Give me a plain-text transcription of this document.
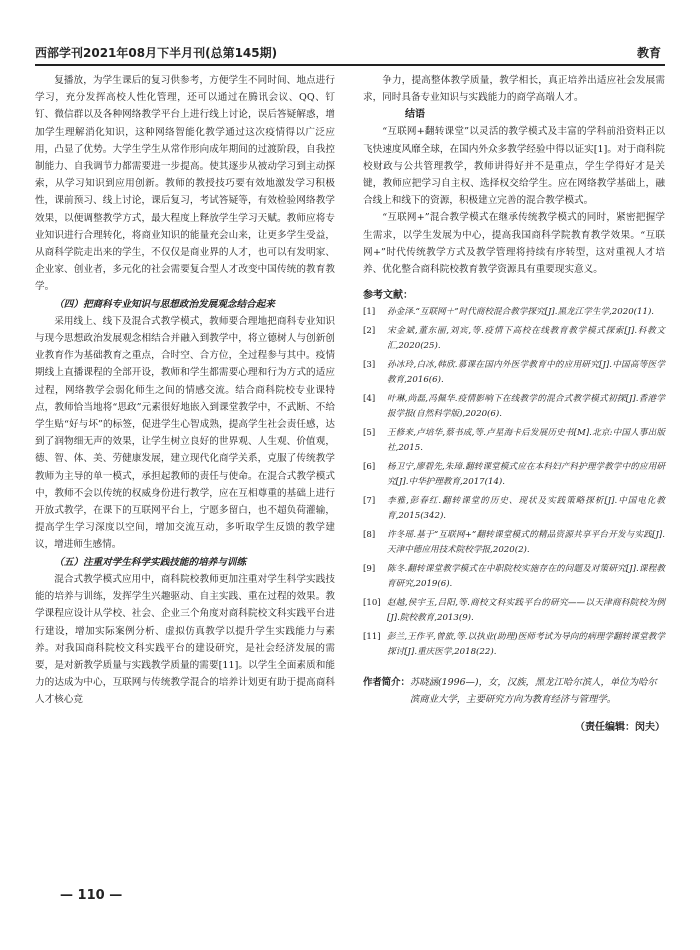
西部学刊2021年08月下半月刊(总第145期)	教育

复播放，为学生课后的复习供参考，方便学生不同时间、地点进行学习，充分发挥高校人性化管理，还可以通过在腾讯会议、QQ、钉钉、微信群以及各种网络教学平台上进行线上讨论，误后答疑解惑，增加学生理解消化知识，这种网络智能化教学通过这次疫情得以广泛应用，凸显了优势。大学生学生从常作形向成年期间的过渡阶段，自我控制能力、自我调节力都需要进一步提高。使其逐步从被动学习到主动探索，从学习知识到应用创新。教师的教授技巧要有效地激发学习积极性，课前预习、线上讨论，课后复习，考试答疑等，有效检验网络教学效果，以便调整教学方式，最大程度上释放学生学习天赋。教师应将专业知识进行合理转化，将商业知识的能量充会山来，让更多学生受益，从商科学院走出来的学生，不仅仅是商业界的人才，也可以有发明家、企业家、创业者，多元化的社会需要复合型人才改变中国传统的教育教学。

（四）把商科专业知识与思想政治发展观念结合起来

采用线上、线下及混合式教学模式，教师要合理地把商科专业知识与现今思想政治发展观念相结合并融入到教学中，将立德树人与创新创业教育作为基础教育之重点，合时空、合方位，全过程参与其中。疫情期线上直播课程的全部开设，教师和学生都需要心理和行为方式的适应过程，网络教学会弱化师生之间的情感交流。结合商科院校专业课特点，教师恰当地将“思政”元素很好地嵌入到课堂教学中，不武断、不给学生贴“好与坏”的标签，促进学生心智成熟，提高学生社会责任感，达到了润物细无声的效果，让学生树立良好的世界观、人生观、价值观，德、智、体、美、劳健康发展，建立现代化商学关系，克服了传统教学教师为主导的单一模式，承担起教师的责任与使命。在混合式教学模式中，教师不会以传统的权威身份进行教学，应在互相尊重的基础上进行开放式教学，在课下的互联网平台上，宁愿多留白，也不超负荷灌输，提高学生学习深度以空间，增加交流互动，多听取学生反馈的教学建议，增进师生感情。

（五）注重对学生科学实践技能的培养与训练

混合式教学模式应用中，商科院校教师更加注重对学生科学实践技能的培养与训练，发挥学生兴趣驱动、自主实践、重在过程的效果。教学课程应设计从学校、社会、企业三个角度对商科院校文科实践平台进行建设，增加实际案例分析、虚拟仿真教学以提升学生实践能力与素养。对我国商科院校文科实践平台的建设研究，是社会经济发展的需要，是对新教学质量与实践教学质量的需要[11]。以学生全面素质和能力的达成为中心，互联网与传统教学混合的培养计划更有助于提高商科人才核心竞

争力，提高整体教学质量，教学相长，真正培养出适应社会发展需求，同时具备专业知识与实践能力的商学高端人才。

结语

“互联网+翻转课堂”以灵活的教学模式及丰富的学科前沿资料正以飞快速度风靡全球，在国内外众多教学经验中得以证实[1]。对于商科院校财政与公共管理教学，教师讲得好并不是重点，学生学得好才是关键，教师应把学习自主权、选择权交给学生。应在网络教学基础上，融合线上和线下的资源，积极建立完善的混合教学模式。

“互联网+”混合教学模式在继承传统教学模式的同时，紧密把握学生需求，以学生发展为中心，提高我国商科学院教育教学效果。“互联网+”时代传统教学方式及教学管理将持续有序转型，这对重视人才培养、优化整合商科院校教育教学资源具有重要现实意义。

参考文献：
[1]	孙金泽.“互联网＋”时代商校混合教学探究[J].黑龙江学生学,2020(11).
[2]	宋金斌,董东丽,刘宾,等.疫情下高校在线教育教学模式探索[J].科教文汇,2020(25).
[3]	孙冰玲,白冰,韩欣.慕课在国内外医学教育中的应用研究[J].中国高等医学教育,2016(6).
[4]	叶琳,尚磊,冯佩华.疫情影响下在线教学的混合式教学模式初探[J].香港学报学报(自然科学版),2020(6).
[5]	王修来,卢培华,蔡书成,等.卢星海卡后发展历史书[M].北京:中国人事出版社,2015.
[6]	杨卫宁,廖碧先,朱璋.翻转课堂模式应在本科妇产科护理学教学中的应用研究[J].中华护理教育,2017(14).
[7]	李雅,彭春红.翻转课堂的历史、现状及实践策略探析[J].中国电化教育,2015(342).
[8]	许冬瑶.基于“互联网+”翻转课堂模式的精品资源共享平台开发与实践[J].天津中德应用技术院校学报,2020(2).
[9]	陈冬.翻转课堂教学模式在中职院校实施存在的问题及对策研究[J].课程教育研究,2019(6).
[10] 赵越,侯宇玉,吕阳,等.商校文科实践平台的研究——以天津商科院校为例[J].院校教育,2013(9).
[11] 彭兰,王作平,曾旅,等.以执业(助理)医师考试为导向的病理学翻转课堂教学探讨[J].重庆医学,2018(22).
作者简介： 苏晓涵(1996—)，女，汉族，黑龙江哈尔滨人，单位为哈尔滨商业大学，主要研究方向为教育经济与管理学。
（责任编辑：闵夫）
— 110 —
